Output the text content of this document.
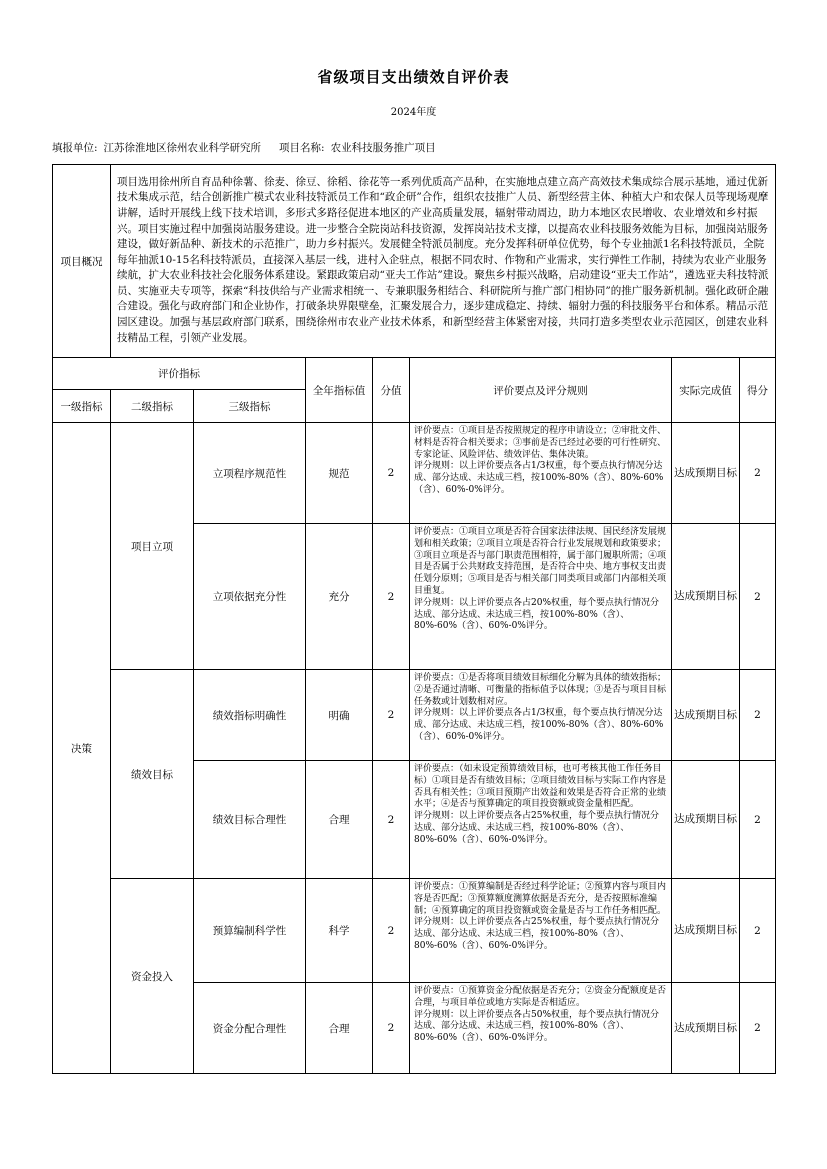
省级项目支出绩效自评价表
2024年度
填报单位: 江苏徐淮地区徐州农业科学研究所 项目名称: 农业科技服务推广项目
项目概况	项目选用徐州所自育品种徐薯、徐麦、徐豆、徐稻、徐花等一系列优质高产品种，在实施地点建立高产高效技术集成综合展示基地，通过优新技术集成示范，结合创新推广模式农业科技特派员工作和“政企研”合作，组织农技推广人员、新型经营主体、种植大户和农保人员等现场观摩讲解，适时开展线上线下技术培训，多形式多路径促进本地区的产业高质量发展，辐射带动周边，助力本地区农民增收、农业增效和乡村振兴。项目实施过程中加强岗站服务建设。进一步整合全院岗站科技资源，发挥岗站技术支撑，以提高农业科技服务效能为目标，加强岗站服务建设，做好新品种、新技术的示范推广，助力乡村振兴。发展健全特派员制度。充分发挥科研单位优势，每个专业抽派1名科技特派员，全院每年抽派10-15名科技特派员，直接深入基层一线，进村入企驻点，根据不同农时、作物和产业需求，实行弹性工作制，持续为农业产业服务续航，扩大农业科技社会化服务体系建设。紧跟政策启动“亚夫工作站”建设。聚焦乡村振兴战略，启动建设“亚夫工作站”，遴选亚夫科技特派员、实施亚夫专项等，探索“科技供给与产业需求相统一、专兼职服务相结合、科研院所与推广部门相协同”的推广服务新机制。强化政研企融合建设。强化与政府部门和企业协作，打破条块界限壁垒，汇聚发展合力，逐步建成稳定、持续、辐射力强的科技服务平台和体系。精品示范园区建设。加强与基层政府部门联系，围绕徐州市农业产业技术体系，和新型经营主体紧密对接，共同打造多类型农业示范园区，创建农业科技精品工程，引领产业发展。						
评价指标			全年指标值	分值	评价要点及评分规则	实际完成值	得分
一级指标	二级指标	三级指标					
决策	项目立项	立项程序规范性	规范	2	评价要点：①项目是否按照规定的程序申请设立；②审批文件、材料是否符合相关要求；③事前是否已经过必要的可行性研究、专家论证、风险评估、绩效评估、集体决策。
评分规则：以上评价要点各占1/3权重，每个要点执行情况分达成、部分达成、未达成三档，按100%-80%（含）、80%-60%（含）、60%-0%评分。	达成预期目标	2
		立项依据充分性	充分	2	评价要点：①项目立项是否符合国家法律法规、国民经济发展规划和相关政策；②项目立项是否符合行业发展规划和政策要求；③项目立项是否与部门职责范围相符，属于部门履职所需；④项目是否属于公共财政支持范围，是否符合中央、地方事权支出责任划分原则；⑤项目是否与相关部门同类项目或部门内部相关项目重复。
评分规则：以上评价要点各占20%权重，每个要点执行情况分达成、部分达成、未达成三档，按100%-80%（含）、80%-60%（含）、60%-0%评分。	达成预期目标	2
	绩效目标	绩效指标明确性	明确	2	评价要点：①是否将项目绩效目标细化分解为具体的绩效指标；②是否通过清晰、可衡量的指标值予以体现；③是否与项目目标任务数或计划数相对应。
评分规则：以上评价要点各占1/3权重，每个要点执行情况分达成、部分达成、未达成三档，按100%-80%（含）、80%-60%（含）、60%-0%评分。	达成预期目标	2
		绩效目标合理性	合理	2	评价要点：（如未设定预算绩效目标，也可考核其他工作任务目标）①项目是否有绩效目标；②项目绩效目标与实际工作内容是否具有相关性；③项目预期产出效益和效果是否符合正常的业绩水平；④是否与预算确定的项目投资额或资金量相匹配。
评分规则：以上评价要点各占25%权重，每个要点执行情况分达成、部分达成、未达成三档，按100%-80%（含）、80%-60%（含）、60%-0%评分。	达成预期目标	2
	资金投入	预算编制科学性	科学	2	评价要点：①预算编制是否经过科学论证；②预算内容与项目内容是否匹配；③预算额度测算依据是否充分，是否按照标准编制；④预算确定的项目投资额或资金量是否与工作任务相匹配。
评分规则：以上评价要点各占25%权重，每个要点执行情况分达成、部分达成、未达成三档，按100%-80%（含）、80%-60%（含）、60%-0%评分。	达成预期目标	2
		资金分配合理性	合理	2	评价要点：①预算资金分配依据是否充分；②资金分配额度是否合理，与项目单位或地方实际是否相适应。
评分规则：以上评价要点各占50%权重，每个要点执行情况分达成、部分达成、未达成三档，按100%-80%（含）、80%-60%（含）、60%-0%评分。	达成预期目标	2
